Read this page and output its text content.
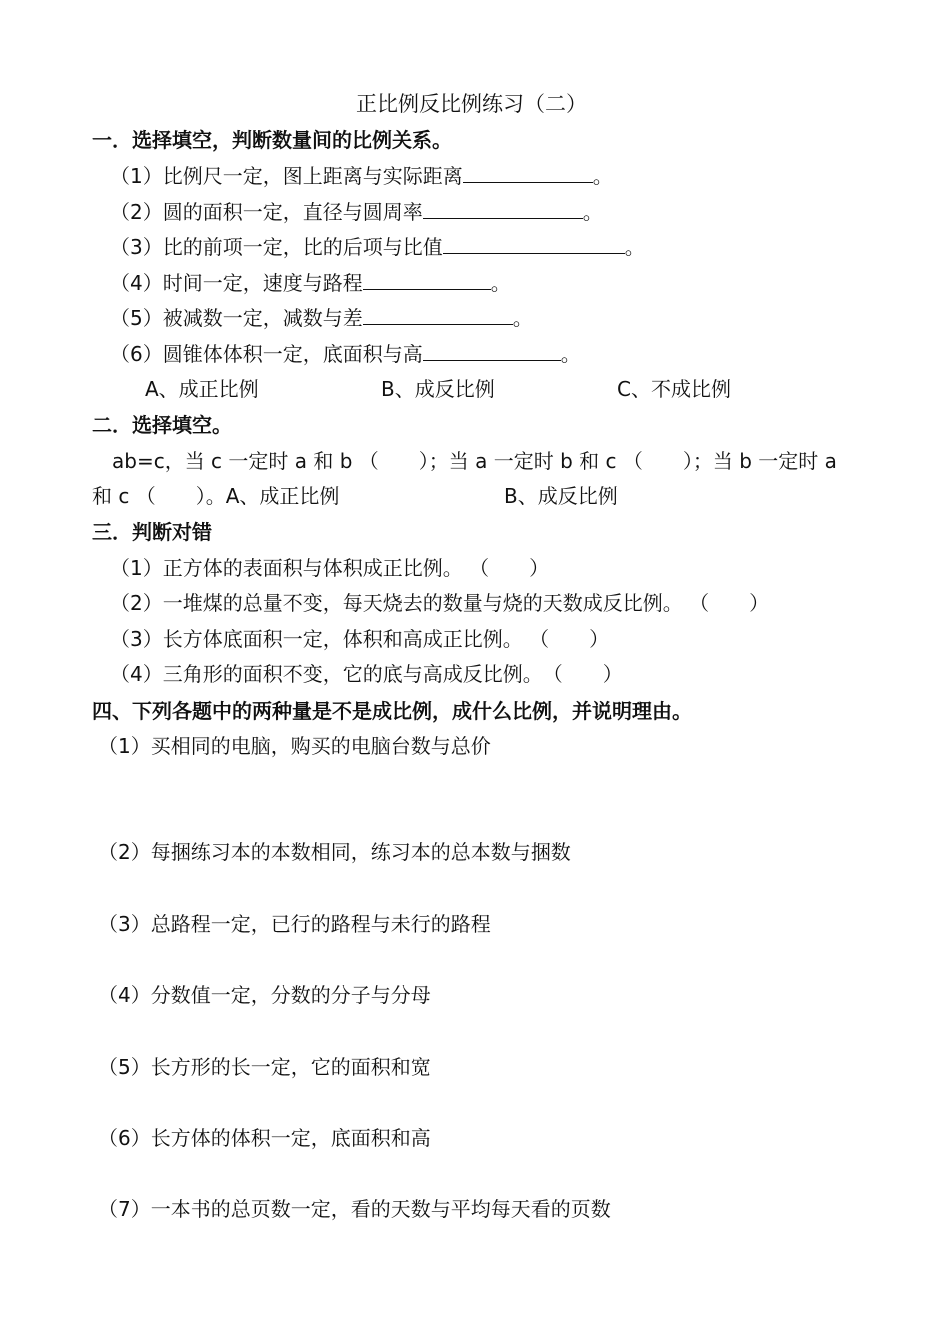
正比例反比例练习（二）
一．选择填空，判断数量间的比例关系。
（1）比例尺一定，图上距离与实际距离	。
（2）圆的面积一定，直径与圆周率	。
（3）比的前项一定，比的后项与比值	。
（4）时间一定，速度与路程	。
（5）被减数一定，减数与差	。
（6）圆锥体体积一定，底面积与高	。
A、成正比例	B、成反比例	C、不成比例
二．选择填空。
ab=c，当 c 一定时 a 和 b （　　）；当 a 一定时 b 和 c （　　）；当 b 一定时 a
和 c （　　）。A、成正比例	B、成反比例
三．判断对错
（1）正方体的表面积与体积成正比例。 （　　）
（2）一堆煤的总量不变，每天烧去的数量与烧的天数成反比例。 （　　）
（3）长方体底面积一定，体积和高成正比例。 （　　）
（4）三角形的面积不变，它的底与高成反比例。　（　　）
四、下列各题中的两种量是不是成比例，成什么比例，并说明理由。
（1）买相同的电脑，购买的电脑台数与总价
（2）每捆练习本的本数相同，练习本的总本数与捆数
（3）总路程一定，已行的路程与未行的路程
（4）分数值一定，分数的分子与分母
（5）长方形的长一定，它的面积和宽
（6）长方体的体积一定，底面积和高
（7）一本书的总页数一定，看的天数与平均每天看的页数
